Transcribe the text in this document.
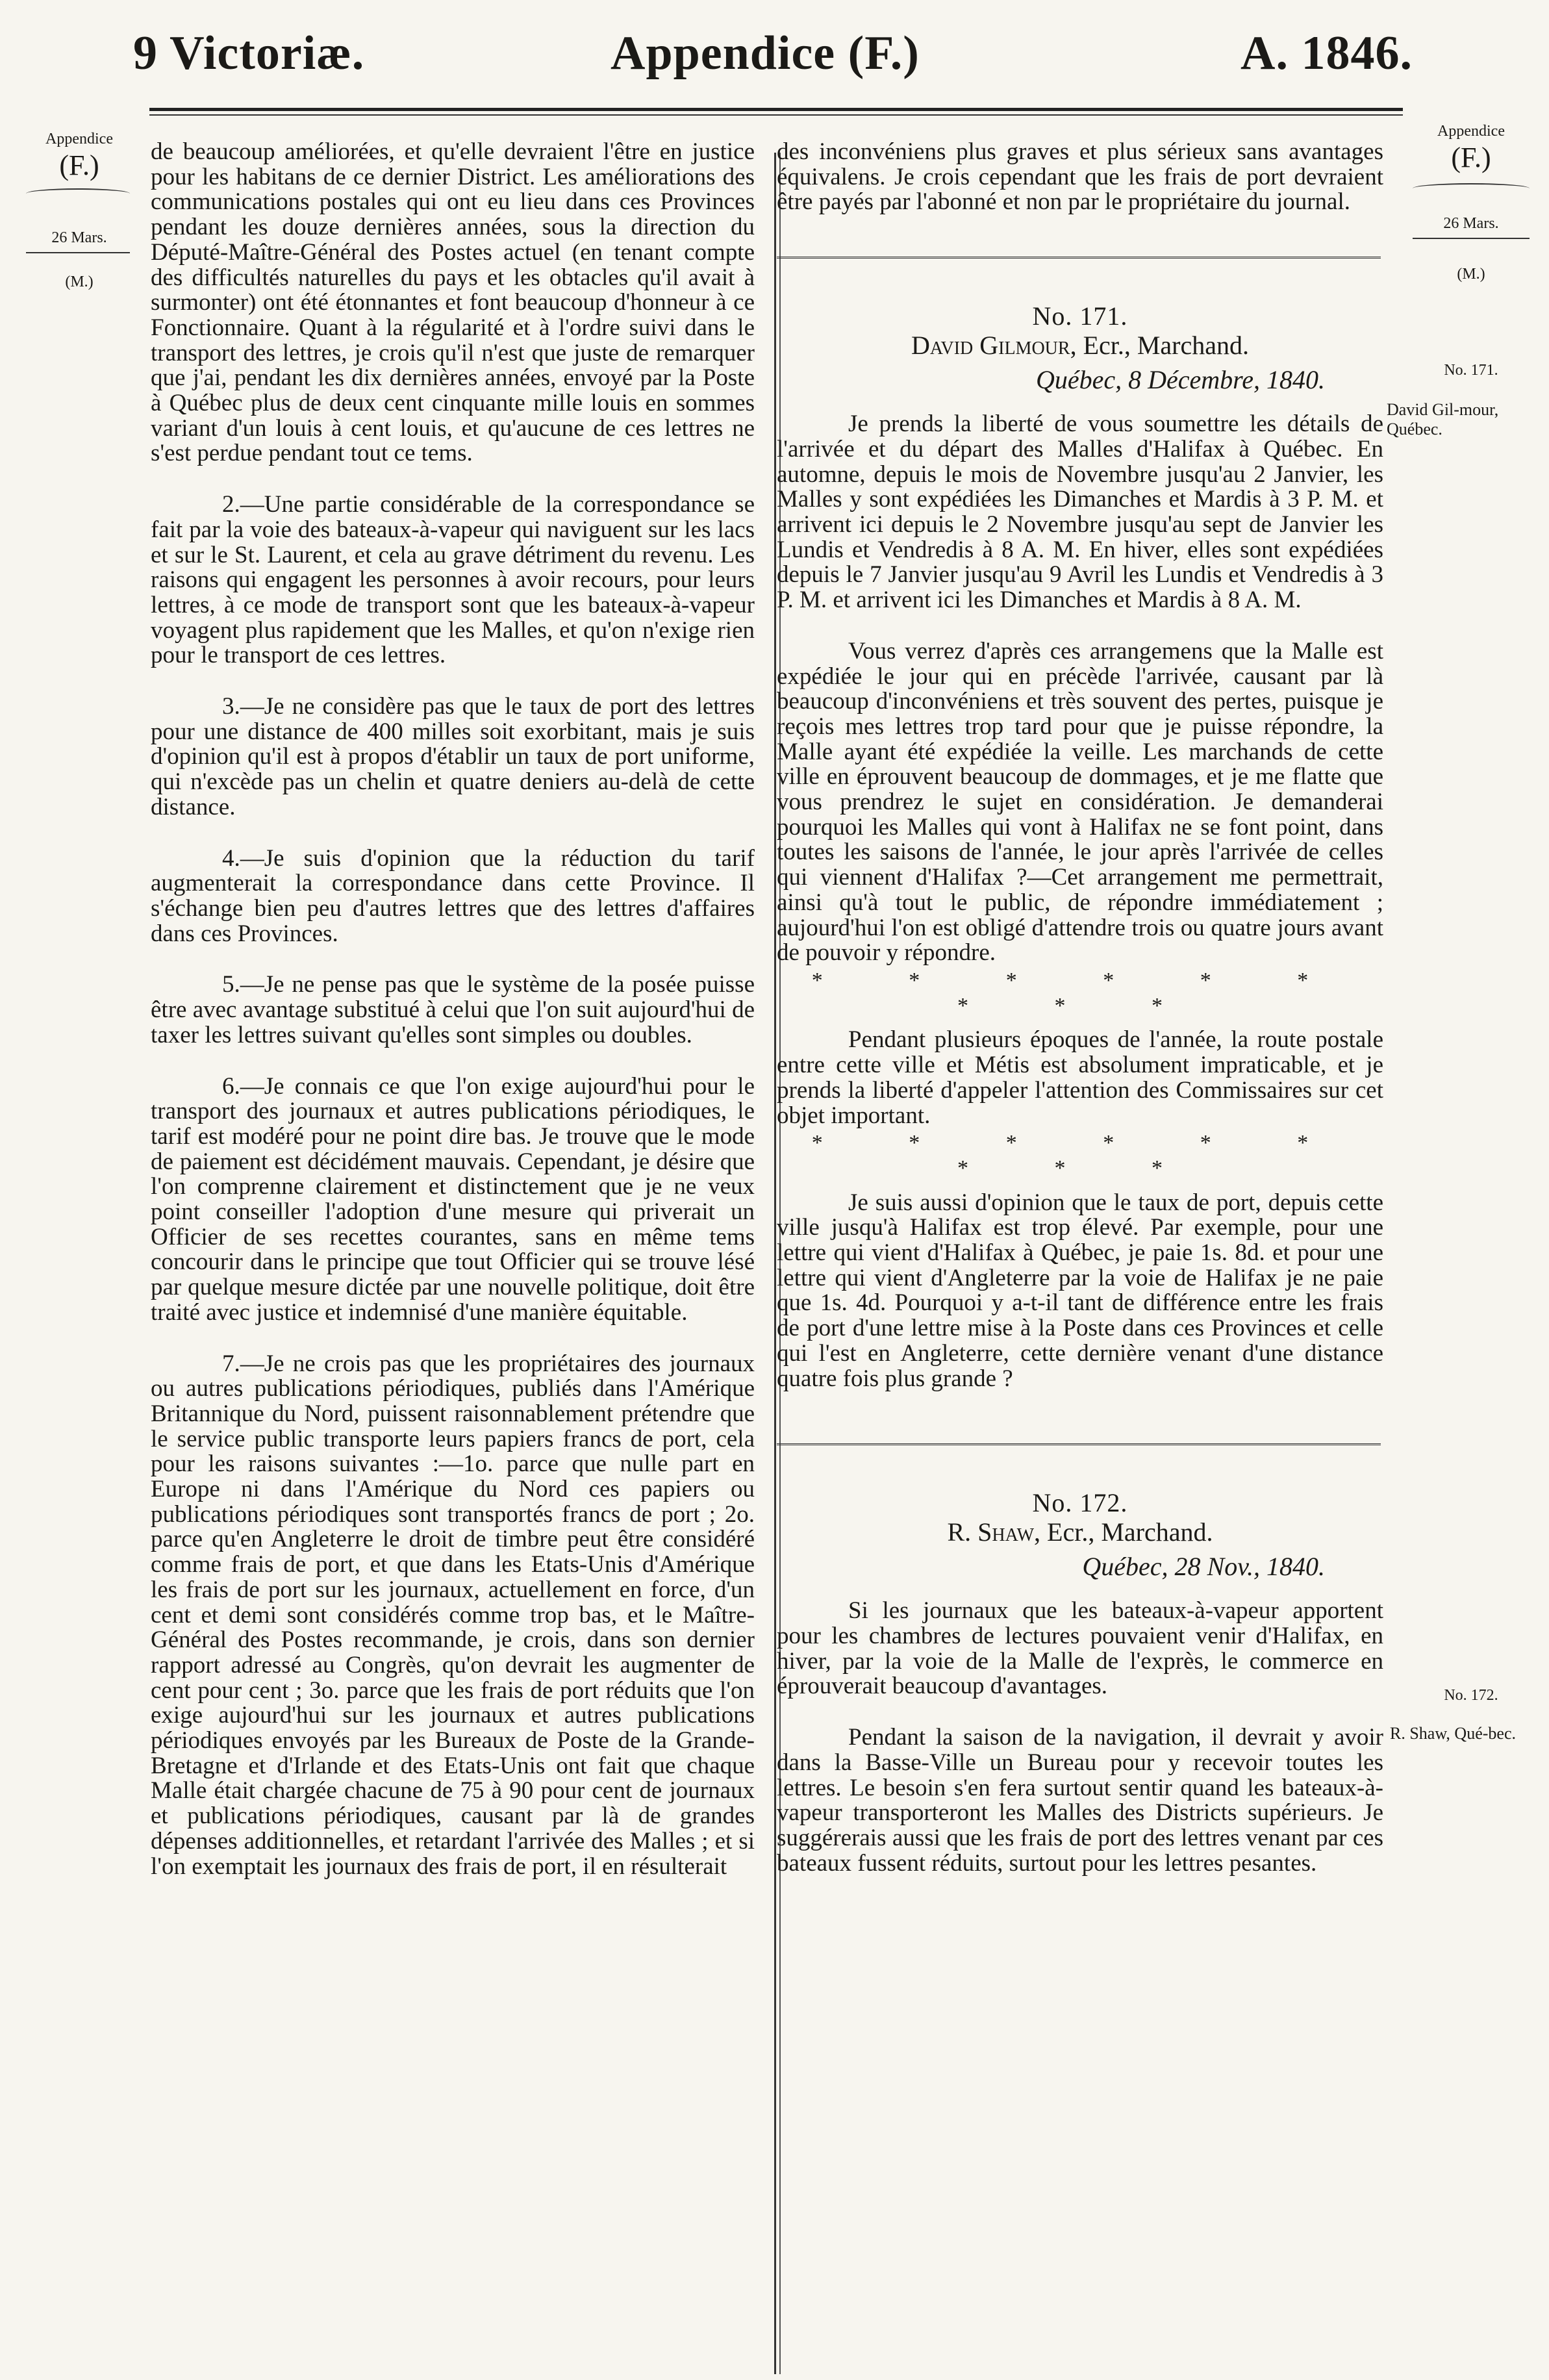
9 Victoriæ.	Appendice (F.)	A. 1846.
Appendice
(F.)
26 Mars.
(M.)
Appendice
(F.)
26 Mars.
(M.)
No. 171.
David Gil-mour, Québec.
No. 172.
R. Shaw, Qué-bec.

de beaucoup améliorées, et qu'elle devraient l'être en justice pour les habitans de ce dernier District. Les améliorations des communications postales qui ont eu lieu dans ces Provinces pendant les douze dernières années, sous la direction du Député-Maître-Général des Postes actuel (en tenant compte des difficultés naturelles du pays et les obtacles qu'il avait à surmonter) ont été étonnantes et font beaucoup d'honneur à ce Fonctionnaire. Quant à la régularité et à l'ordre suivi dans le transport des lettres, je crois qu'il n'est que juste de remarquer que j'ai, pendant les dix dernières années, envoyé par la Poste à Québec plus de deux cent cinquante mille louis en sommes variant d'un louis à cent louis, et qu'aucune de ces lettres ne s'est perdue pendant tout ce tems.

2.—Une partie considérable de la correspondance se fait par la voie des bateaux-à-vapeur qui naviguent sur les lacs et sur le St. Laurent, et cela au grave détriment du revenu. Les raisons qui engagent les personnes à avoir recours, pour leurs lettres, à ce mode de transport sont que les bateaux-à-vapeur voyagent plus rapidement que les Malles, et qu'on n'exige rien pour le transport de ces lettres.

3.—Je ne considère pas que le taux de port des lettres pour une distance de 400 milles soit exorbitant, mais je suis d'opinion qu'il est à propos d'établir un taux de port uniforme, qui n'excède pas un chelin et quatre deniers au-delà de cette distance.

4.—Je suis d'opinion que la réduction du tarif augmenterait la correspondance dans cette Province. Il s'échange bien peu d'autres lettres que des lettres d'affaires dans ces Provinces.

5.—Je ne pense pas que le système de la posée puisse être avec avantage substitué à celui que l'on suit aujourd'hui de taxer les lettres suivant qu'elles sont simples ou doubles.

6.—Je connais ce que l'on exige aujourd'hui pour le transport des journaux et autres publications périodiques, le tarif est modéré pour ne point dire bas. Je trouve que le mode de paiement est décidément mauvais. Cependant, je désire que l'on comprenne clairement et distinctement que je ne veux point conseiller l'adoption d'une mesure qui priverait un Officier de ses recettes courantes, sans en même tems concourir dans le principe que tout Officier qui se trouve lésé par quelque mesure dictée par une nouvelle politique, doit être traité avec justice et indemnisé d'une manière équitable.

7.—Je ne crois pas que les propriétaires des journaux ou autres publications périodiques, publiés dans l'Amérique Britannique du Nord, puissent raisonnablement prétendre que le service public transporte leurs papiers francs de port, cela pour les raisons suivantes :—1o. parce que nulle part en Europe ni dans l'Amérique du Nord ces papiers ou publications périodiques sont transportés francs de port ; 2o. parce qu'en Angleterre le droit de timbre peut être considéré comme frais de port, et que dans les Etats-Unis d'Amérique les frais de port sur les journaux, actuellement en force, d'un cent et demi sont considérés comme trop bas, et le Maître-Général des Postes recommande, je crois, dans son dernier rapport adressé au Congrès, qu'on devrait les augmenter de cent pour cent ; 3o. parce que les frais de port réduits que l'on exige aujourd'hui sur les journaux et autres publications périodiques envoyés par les Bureaux de Poste de la Grande-Bretagne et d'Irlande et des Etats-Unis ont fait que chaque Malle était chargée chacune de 75 à 90 pour cent de journaux et publications périodiques, causant par là de grandes dépenses additionnelles, et retardant l'arrivée des Malles ; et si l'on exemptait les journaux des frais de port, il en résulterait

des inconvéniens plus graves et plus sérieux sans avantages équivalens. Je crois cependant que les frais de port devraient être payés par l'abonné et non par le propriétaire du journal.

No. 171.
David Gilmour, Ecr., Marchand.
Québec, 8 Décembre, 1840.

Je prends la liberté de vous soumettre les détails de l'arrivée et du départ des Malles d'Halifax à Québec. En automne, depuis le mois de Novembre jusqu'au 2 Janvier, les Malles y sont expédiées les Dimanches et Mardis à 3 P. M. et arrivent ici depuis le 2 Novembre jusqu'au sept de Janvier les Lundis et Vendredis à 8 A. M. En hiver, elles sont expédiées depuis le 7 Janvier jusqu'au 9 Avril les Lundis et Vendredis à 3 P. M. et arrivent ici les Dimanches et Mardis à 8 A. M.

Vous verrez d'après ces arrangemens que la Malle est expédiée le jour qui en précède l'arrivée, causant par là beaucoup d'inconvéniens et très souvent des pertes, puisque je reçois mes lettres trop tard pour que je puisse répondre, la Malle ayant été expédiée la veille. Les marchands de cette ville en éprouvent beaucoup de dommages, et je me flatte que vous prendrez le sujet en considération. Je demanderai pourquoi les Malles qui vont à Halifax ne se font point, dans toutes les saisons de l'année, le jour après l'arrivée de celles qui viennent d'Halifax ?—Cet arrangement me permettrait, ainsi qu'à tout le public, de répondre immédiatement ; aujourd'hui l'on est obligé d'attendre trois ou quatre jours avant de pouvoir y répondre.

* * * * * * * * *

Pendant plusieurs époques de l'année, la route postale entre cette ville et Métis est absolument impraticable, et je prends la liberté d'appeler l'attention des Commissaires sur cet objet important.

* * * * * * * * *

Je suis aussi d'opinion que le taux de port, depuis cette ville jusqu'à Halifax est trop élevé. Par exemple, pour une lettre qui vient d'Halifax à Québec, je paie 1s. 8d. et pour une lettre qui vient d'Angleterre par la voie de Halifax je ne paie que 1s. 4d. Pourquoi y a-t-il tant de différence entre les frais de port d'une lettre mise à la Poste dans ces Provinces et celle qui l'est en Angleterre, cette dernière venant d'une distance quatre fois plus grande ?

No. 172.
R. Shaw, Ecr., Marchand.
Québec, 28 Nov., 1840.

Si les journaux que les bateaux-à-vapeur apportent pour les chambres de lectures pouvaient venir d'Halifax, en hiver, par la voie de la Malle de l'exprès, le commerce en éprouverait beaucoup d'avantages.

Pendant la saison de la navigation, il devrait y avoir dans la Basse-Ville un Bureau pour y recevoir toutes les lettres. Le besoin s'en fera surtout sentir quand les bateaux-à-vapeur transporteront les Malles des Districts supérieurs. Je suggérerais aussi que les frais de port des lettres venant par ces bateaux fussent réduits, surtout pour les lettres pesantes.
